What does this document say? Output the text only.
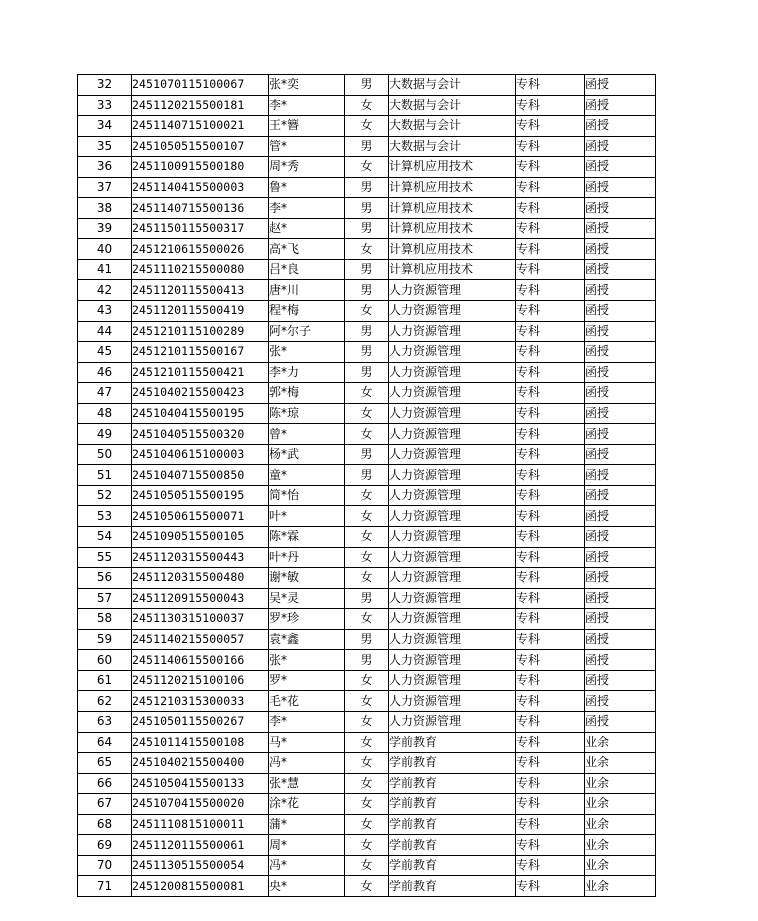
32	2451070115100067	张*奕	男	大数据与会计	专科	函授
33	2451120215500181	李*	女	大数据与会计	专科	函授
34	2451140715100021	王*簪	女	大数据与会计	专科	函授
35	2451050515500107	管*	男	大数据与会计	专科	函授
36	2451100915500180	周*秀	女	计算机应用技术	专科	函授
37	2451140415500003	鲁*	男	计算机应用技术	专科	函授
38	2451140715500136	李*	男	计算机应用技术	专科	函授
39	2451150115500317	赵*	男	计算机应用技术	专科	函授
40	2451210615500026	高*飞	女	计算机应用技术	专科	函授
41	2451110215500080	吕*良	男	计算机应用技术	专科	函授
42	2451120115500413	唐*川	男	人力资源管理	专科	函授
43	2451120115500419	程*梅	女	人力资源管理	专科	函授
44	2451210115100289	阿*尔子	男	人力资源管理	专科	函授
45	2451210115500167	张*	男	人力资源管理	专科	函授
46	2451210115500421	李*力	男	人力资源管理	专科	函授
47	2451040215500423	郭*梅	女	人力资源管理	专科	函授
48	2451040415500195	陈*琼	女	人力资源管理	专科	函授
49	2451040515500320	曾*	女	人力资源管理	专科	函授
50	2451040615100003	杨*武	男	人力资源管理	专科	函授
51	2451040715500850	童*	男	人力资源管理	专科	函授
52	2451050515500195	简*怡	女	人力资源管理	专科	函授
53	2451050615500071	叶*	女	人力资源管理	专科	函授
54	2451090515500105	陈*霖	女	人力资源管理	专科	函授
55	2451120315500443	叶*丹	女	人力资源管理	专科	函授
56	2451120315500480	谢*敏	女	人力资源管理	专科	函授
57	2451120915500043	吴*灵	男	人力资源管理	专科	函授
58	2451130315100037	罗*珍	女	人力资源管理	专科	函授
59	2451140215500057	袁*鑫	男	人力资源管理	专科	函授
60	2451140615500166	张*	男	人力资源管理	专科	函授
61	2451120215100106	罗*	女	人力资源管理	专科	函授
62	2451210315300033	毛*花	女	人力资源管理	专科	函授
63	2451050115500267	李*	女	人力资源管理	专科	函授
64	2451011415500108	马*	女	学前教育	专科	业余
65	2451040215500400	冯*	女	学前教育	专科	业余
66	2451050415500133	张*慧	女	学前教育	专科	业余
67	2451070415500020	涂*花	女	学前教育	专科	业余
68	2451110815100011	蒲*	女	学前教育	专科	业余
69	2451120115500061	周*	女	学前教育	专科	业余
70	2451130515500054	冯*	女	学前教育	专科	业余
71	2451200815500081	央*	女	学前教育	专科	业余
